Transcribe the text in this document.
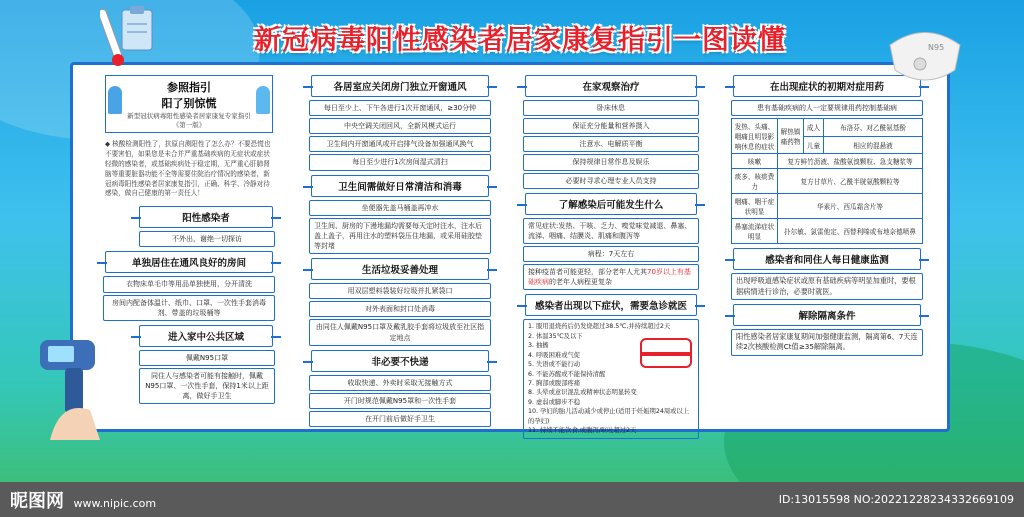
新冠病毒阳性感染者居家康复指引一图读懂	N95
参照指引
阳了别惊慌
新型冠状病毒阳性感染者居家康复专家指引
《第一版》
◆ 核酸检测阳性了，抗原自测阳性了怎么办？不要恐慌也不要害怕，如果您是未合并严重基础疾病的无症状或症状轻微的感染者，或基础疾病处于稳定期，无严重心肝肺肾脑等重要脏器功能不全等需要住院治疗情况的感染者，新冠病毒阳性感染者居家康复指引，正确、科学、冷静对待感染，做自己健康的第一责任人！
阳性感染者
不外出，谢绝一切探访
单独居住在通风良好的房间
衣物床单毛巾等用品单独使用，分开清洗
房间内配备体温计、纸巾、口罩、一次性手套消毒剂、带盖的垃圾桶等
进入家中公共区域
佩戴N95口罩
同住人与感染者可能有接触时，佩戴N95口罩、一次性手套，保持1米以上距离，做好手卫生
各居室应关闭房门独立开窗通风
每日至少上、下午各进行1次开窗通风，≥30分钟
中央空调关闭回风，全新风模式运行
卫生间内开窗通风或开启排气设备加强通风换气
每日至少进行1次房间湿式清扫
卫生间需做好日常清洁和消毒
坐便器先盖马桶盖再冲水
卫生间、厨房的下漫地漏均需要每天定时注水，注水后盖上盖子，再用注水的塑料袋压住地漏，或采用硅胶垫等封堵
生活垃圾妥善处理
用双层塑料袋装好垃圾并扎紧袋口
对外表面和封口处消毒
由同住人佩戴N95口罩及戴乳胶手套将垃圾放至社区指定地点
非必要不快递
收取快递、外卖时采取无接触方式
开门时规范佩戴N95罩和一次性手套
在开门前后做好手卫生
在家观察治疗
卧床休息
保证充分能量和营养摄入
注意水、电解质平衡
保持规律日常作息及娱乐
必要时寻求心理专业人员支持
了解感染后可能发生什么
常见症状:发热、干咳、乏力、嗅觉味觉减退、鼻塞、流涕、咽痛、结膜炎、肌痛和腹泻等
病程：7天左右
接种疫苗者可能更轻，部分老年人尤其70岁以上有基础疾病的老年人病程更复杂
感染者出现以下症状，需要急诊就医
1. 服用退烧药后仍发烧超过38.5℃,并持续超过2天
2. 体温35℃及以下
3. 抽搐
4. 呼吸困难或气促
5. 失语或不能行动
6. 不能苏醒或不能保持清醒
7. 胸部或腹部疼痛
8. 头晕或意识混乱或精神状态明显转变
9. 虚弱或脚步不稳
10. 孕妇的胎儿活动减少或停止(适用于妊娠期24周或以上的孕妇)
11. 持续不能饮食,或腹泻/呕吐超过2天
在出现症状的初期对症用药
患有基础疾病的人一定要规律用药控制基础病
发热、头痛、咽痛且明显影响休息的症状	解热镇痛药物	成人	布洛芬、对乙酰氨基酚
		儿童	相应的混悬液
咳嗽	复方鲜竹沥液、盐酸氨溴颗粒、急支糖浆等		
痰多、咳痰费力	复方甘草片、乙酰半胱氨酸颗粒等		
咽痛、咽干症状明显	华素片、西瓜霜含片等		
鼻塞流涕症状明显	扑尔敏、氯雷他定、西替利嗪或布地奈德喷鼻		
感染者和同住人每日健康监测
出现呼吸道感染症状或原有基础疾病等明显加重时，要根据病情进行诊治，必要时就医。
解除隔离条件
阳性感染者居家康复期间加强健康监测，隔离第6、7天连续2次核酸检测Ct值≥35解除隔离。
昵图网 www.nipic.com	ID:13015598 NO:20221228234332669109
